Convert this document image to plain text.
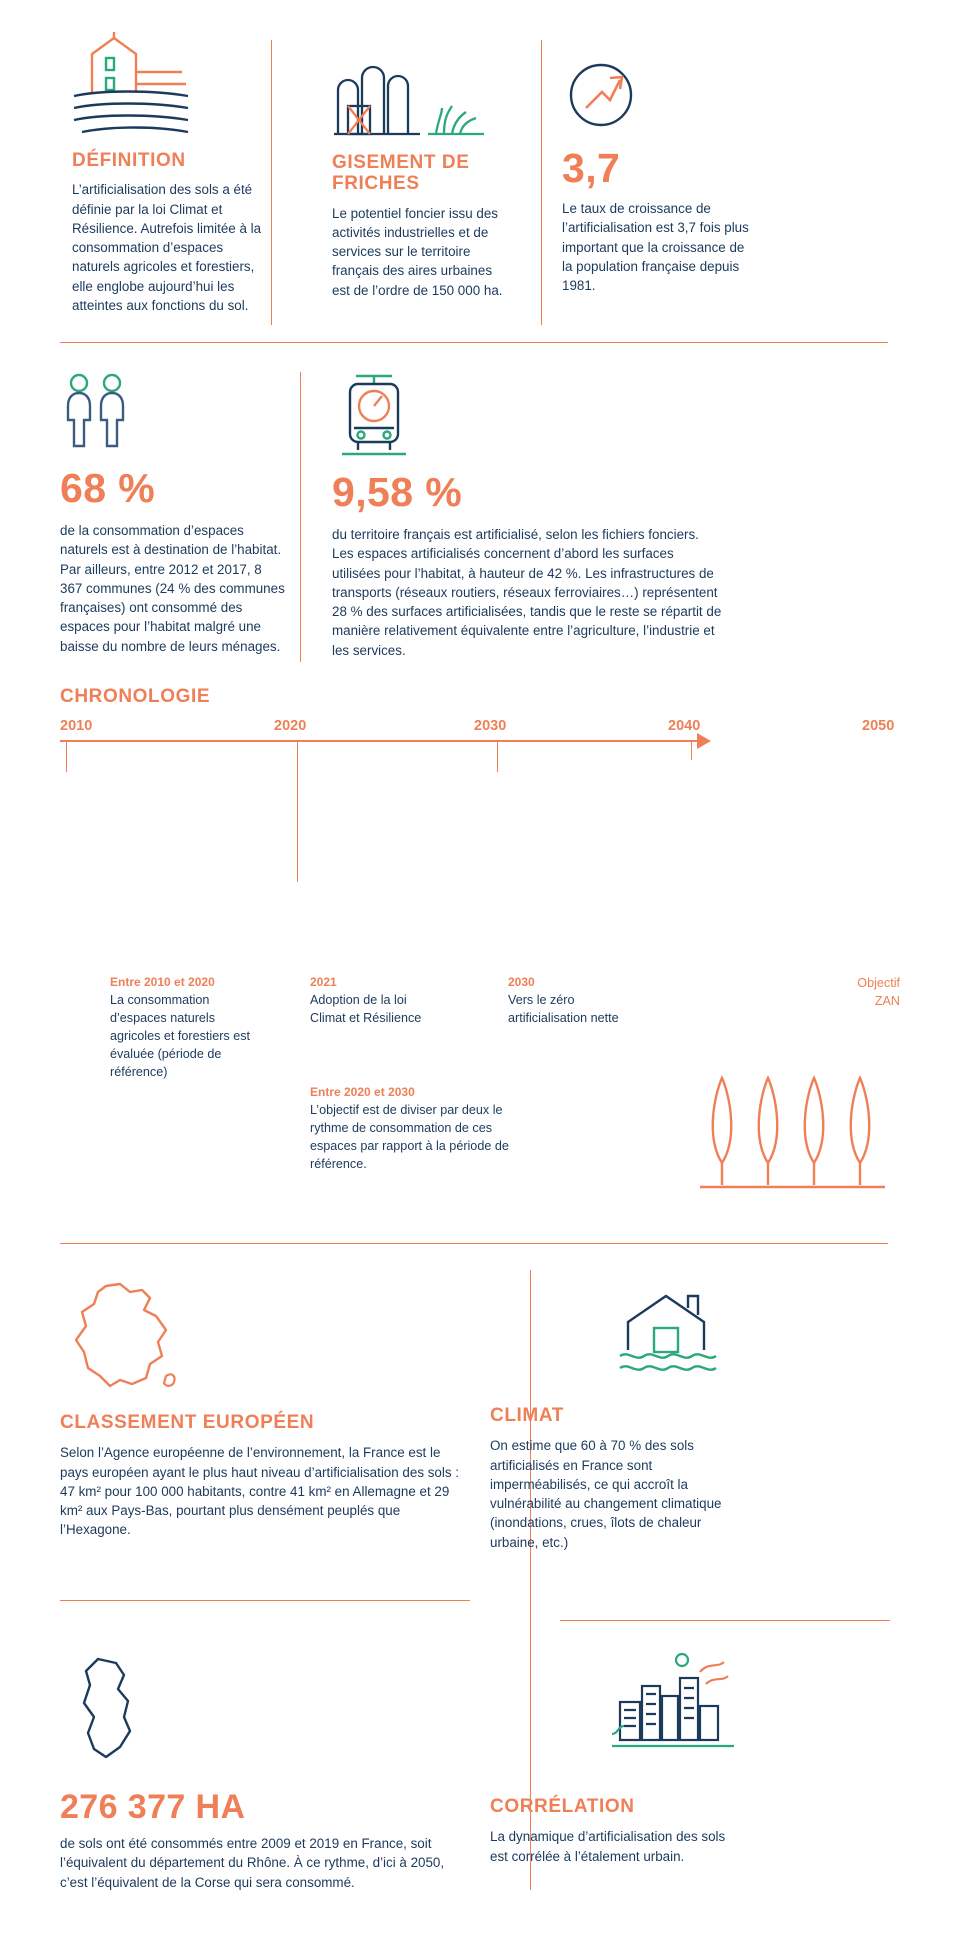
DÉFINITION
L’artificialisation des sols a été définie par la loi Climat et Résilience. Autrefois limitée à la consommation d’espaces naturels agricoles et forestiers, elle englobe aujourd’hui les atteintes aux fonctions du sol.
GISEMENT DE FRICHES
Le potentiel foncier issu des activités industrielles et de services sur le territoire français des aires urbaines est de l’ordre de 150 000 ha.
3,7
Le taux de croissance de l’artificialisation est 3,7 fois plus important que la croissance de la population française depuis 1981.
68 %
de la consommation d’espaces naturels est à destination de l’habitat. Par ailleurs, entre 2012 et 2017, 8 367 communes (24 % des communes françaises) ont consommé des espaces pour l’habitat malgré une baisse du nombre de leurs ménages.
9,58 %
du territoire français est artificialisé, selon les fichiers fonciers. Les espaces artificialisés concernent d’abord les surfaces utilisées pour l’habitat, à hauteur de 42 %. Les infrastructures de transports (réseaux routiers, réseaux ferroviaires…) représentent 28 % des surfaces artificialisées, tandis que le reste se répartit de manière relativement équivalente entre l’agriculture, l’industrie et les services.
CHRONOLOGIE
2010	2020	2030	2040	2050
Entre 2010 et 2020
La consommation d’espaces naturels agricoles et forestiers est évaluée (période de référence)
2021
Adoption de la loi Climat et Résilience
2030
Vers le zéro artificialisation nette
Entre 2020 et 2030
L’objectif est de diviser par deux le rythme de consommation de ces espaces par rapport à la période de référence.
Objectif
ZAN
CLASSEMENT EUROPÉEN
Selon l’Agence européenne de l’environnement, la France est le pays européen ayant le plus haut niveau d’artificialisation des sols : 47 km² pour 100 000 habitants, contre 41 km² en Allemagne et 29 km² aux Pays-Bas, pourtant plus densément peuplés que l’Hexagone.
CLIMAT
On estime que 60 à 70 % des sols artificialisés en France sont imperméabilisés, ce qui accroît la vulnérabilité au changement climatique (inondations, crues, îlots de chaleur urbaine, etc.)
276 377 HA
de sols ont été consommés entre 2009 et 2019 en France, soit l’équivalent du département du Rhône. À ce rythme, d’ici à 2050, c’est l’équivalent de la Corse qui sera consommé.
CORRÉLATION
La dynamique d’artificialisation des sols est corrélée à l’étalement urbain.
